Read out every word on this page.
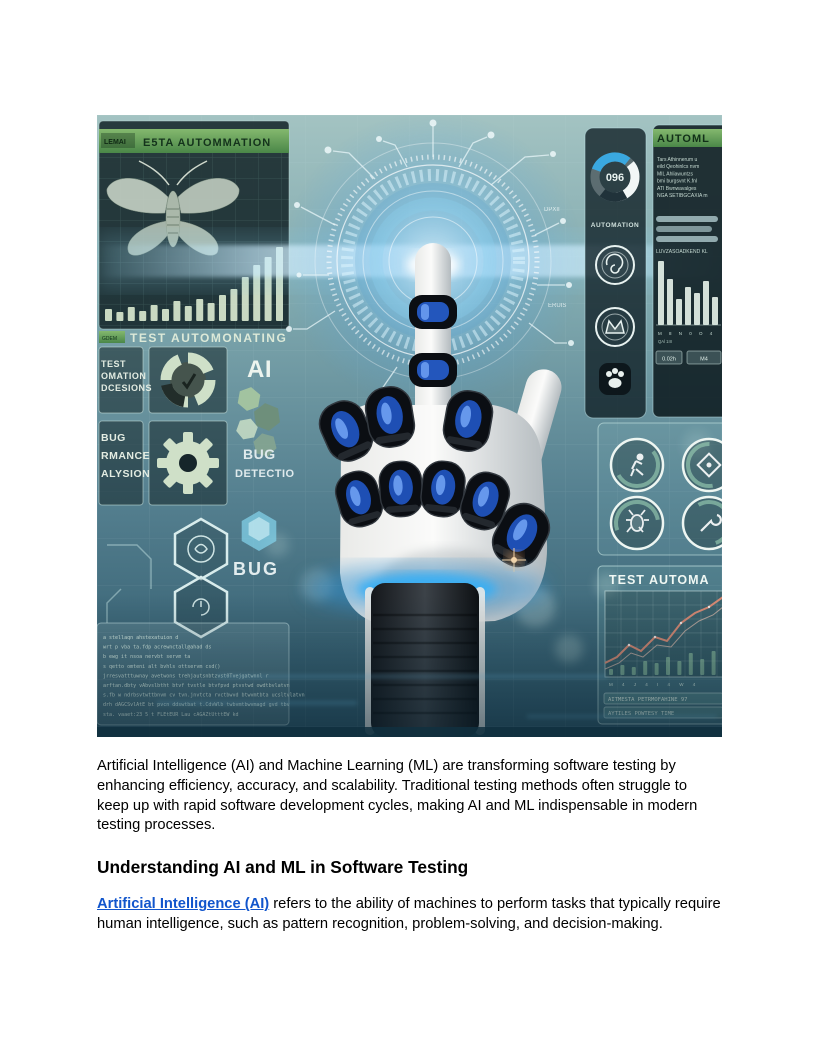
LEMAI E5TA AUTOMMATION
GDEM TEST AUTOMONATING
TEST
OMATION
DCESIONS
AI
BUG
RMANCE
ALYSION
BUG
DETECTIO
BUG
DPXII
ERUIS
096
AUTOMATION
AUTOML
Tars Athinnerum u
eild Qeohinlcs nvm
MIL Ahliawuntzs
bmi burgsvnt K.fnl
ATI Bwnwavalges
NGA SETIBGCAXIA m
LUVZASOADKEND KL
M 8 N 0 O 4
QAl 1III
0.02h	M4
TEST AUTOMA

Artificial Intelligence (AI) and Machine Learning (ML) are transforming software testing by enhancing efficiency, accuracy, and scalability. Traditional testing methods often struggle to keep up with rapid software development cycles, making AI and ML indispensable in modern testing processes.

Understanding AI and ML in Software Testing

Artificial Intelligence (AI) refers to the ability of machines to perform tasks that typically require human intelligence, such as pattern recognition, problem-solving, and decision-making.
